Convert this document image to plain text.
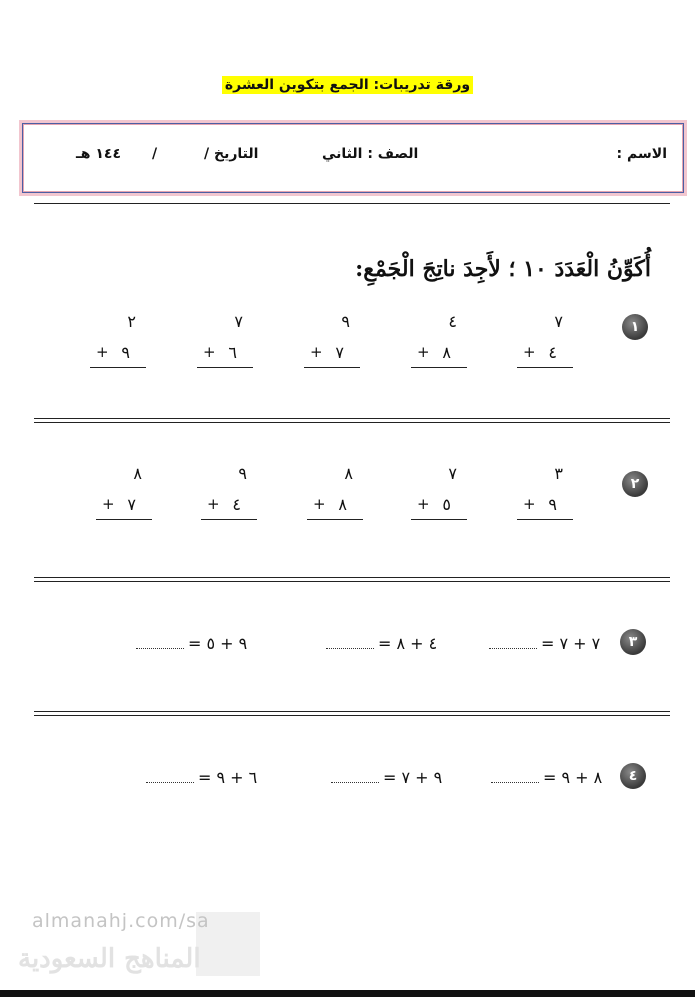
ورقة تدريبات: الجمع بتكوين العشرة
الاسم :
الصف : الثاني
التاريخ /
/
١٤٤ هـ
أُكَوِّنُ الْعَدَدَ ١٠ ؛ لأَجِدَ ناتِجَ الْجَمْعِ:
١
٧
+ ٤
٤
+ ٨
٩
+ ٧
٧
+ ٦
٢
+ ٩
٢
٣
+ ٩
٧
+ ٥
٨
+ ٨
٩
+ ٤
٨
+ ٧
٣
٧ + ٧ =
٤ + ٨ =
٩ + ٥ =
٤
٨ + ٩ =
٩ + ٧ =
٦ + ٩ =
almanahj.com/sa
المناهج السعودية
